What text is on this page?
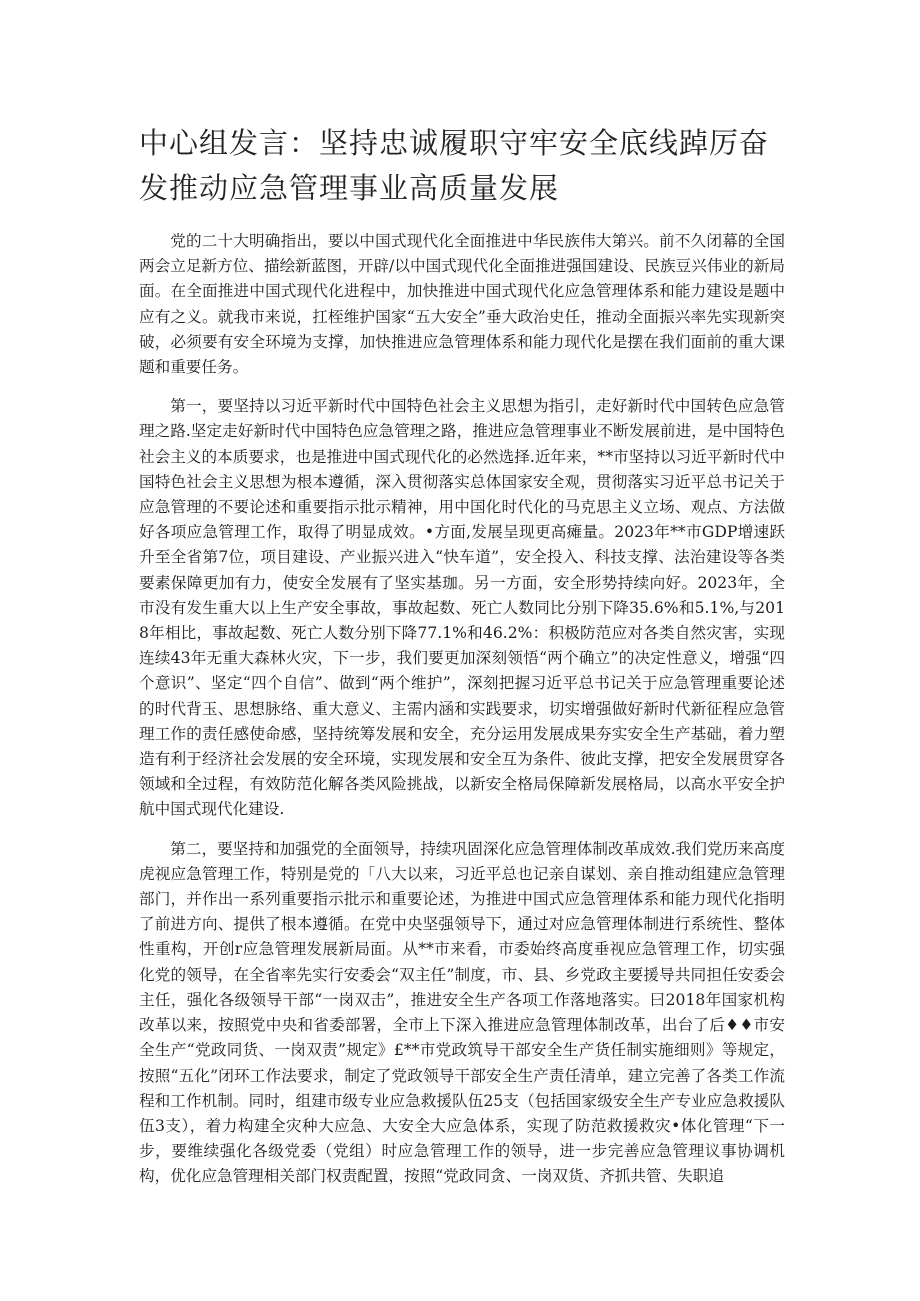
中心组发言：坚持忠诚履职守牢安全底线踔厉奋发推动应急管理事业高质量发展

党的二十大明确指出，要以中国式现代化全面推进中华民族伟大第兴。前不久闭幕的全国两会立足新方位、描绘新蓝图，开辟/以中国式现代化全面推进强国建设、民族豆兴伟业的新局面。在全面推进中国式现代化进程中，加快推进中国式现代化应急管理体系和能力建设是题中应有之义。就我市来说，扛桎维护国家“五大安全”垂大政治史任，推动全面振兴率先实现新突破，必须要有安全环境为支撑，加快推进应急管理体系和能力现代化是摆在我们面前的重大课题和重要任务。

第一，要坚持以习近平新时代中国特色社会主义思想为指引，走好新时代中国转色应急管理之路.坚定走好新时代中国特色应急管理之路，推进应急管理事业不断发展前进，是中国特色社会主义的本质要求，也是推进中国式现代化的必然选择.近年来，**市坚持以习近平新时代中国特色社会主义思想为根本遵循，深入贯彻落实总体国家安全观，贯彻落实习近平总书记关于应急管理的不要论述和重要指示批示精神，用中国化时代化的马克思主义立场、观点、方法做好各项应急管理工作，取得了明显成效。•方面,发展呈现更高瘫量。2023年**市GDP增速跃升至全省第7位，项目建设、产业振兴进入“快车道”，安全投入、科技支撑、法治建设等各类要素保障更加有力，使安全发展有了坚实基珈。另一方面，安全形势持续向好。2023年，全市没有发生重大以上生产安全事故，事故起数、死亡人数同比分别下降35.6%和5.1%,与2018年相比，事故起数、死亡人数分别下降77.1%和46.2%：积极防范应对各类自然灾害，实现连续43年无重大森林火灾，下一步，我们要更加深刻领悟“两个确立”的决定性意义，增强“四个意识”、坚定“四个自信”、做到“两个维护”，深刻把握习近平总书记关于应急管理重要论述的时代背玉、思想脉络、重大意义、主需内涵和实践要求，切实增强做好新时代新征程应急管理工作的责任感使命感，坚持统筹发展和安全，充分运用发展成果夯实安全生产基础，着力塑造有利于经济社会发展的安全环境，实现发展和安全互为条件、彼此支撑，把安全发展贯穿各领域和全过程，有效防范化解各类风险挑战，以新安全格局保障新发展格局，以高水平安全护航中国式现代化建设.

第二，要坚持和加强党的全面领导，持续巩固深化应急管理体制改革成效.我们党历来高度虎视应急管理工作，特别是党的「八大以来，习近平总也记亲自谋划、亲自推动组建应急管理部门，并作出一系列重要指示批示和重要论述，为推进中国式应急管理体系和能力现代化指明了前进方向、提供了根本遵循。在党中央坚强领导下，通过对应急管理体制进行系统性、整体性重构，开创r应急管理发展新局面。从**市来看，市委始终高度垂视应急管理工作，切实强化党的领导，在全省率先实行安委会“双主任”制度，市、县、乡党政主要援导共同担任安委会主任，强化各级领导干部“一岗双击”，推进安全生产各项工作落地落实。曰2018年国家机构改革以来，按照党中央和省委部署，全市上下深入推进应急管理体制改革，出台了后♦♦市安全生产“党政同货、一岗双责”规定》£**市党政筑导干部安全生产货任制实施细则》等规定，按照“五化”闭环工作法要求，制定了党政领导干部安全生产责任清单，建立完善了各类工作流程和工作机制。同时，组建市级专业应急救援队伍25支（包括国家级安全生产专业应急救援队伍3支），着力构建全灾种大应急、大安全大应急体系，实现了防范救援救灾•体化管理“下一步，要维续强化各级党委（党组）时应急管理工作的领导，进一步完善应急管理议事协调机构，优化应急管理相关部门权责配置，按照“党政同贪、一岗双货、齐抓共管、失职追
